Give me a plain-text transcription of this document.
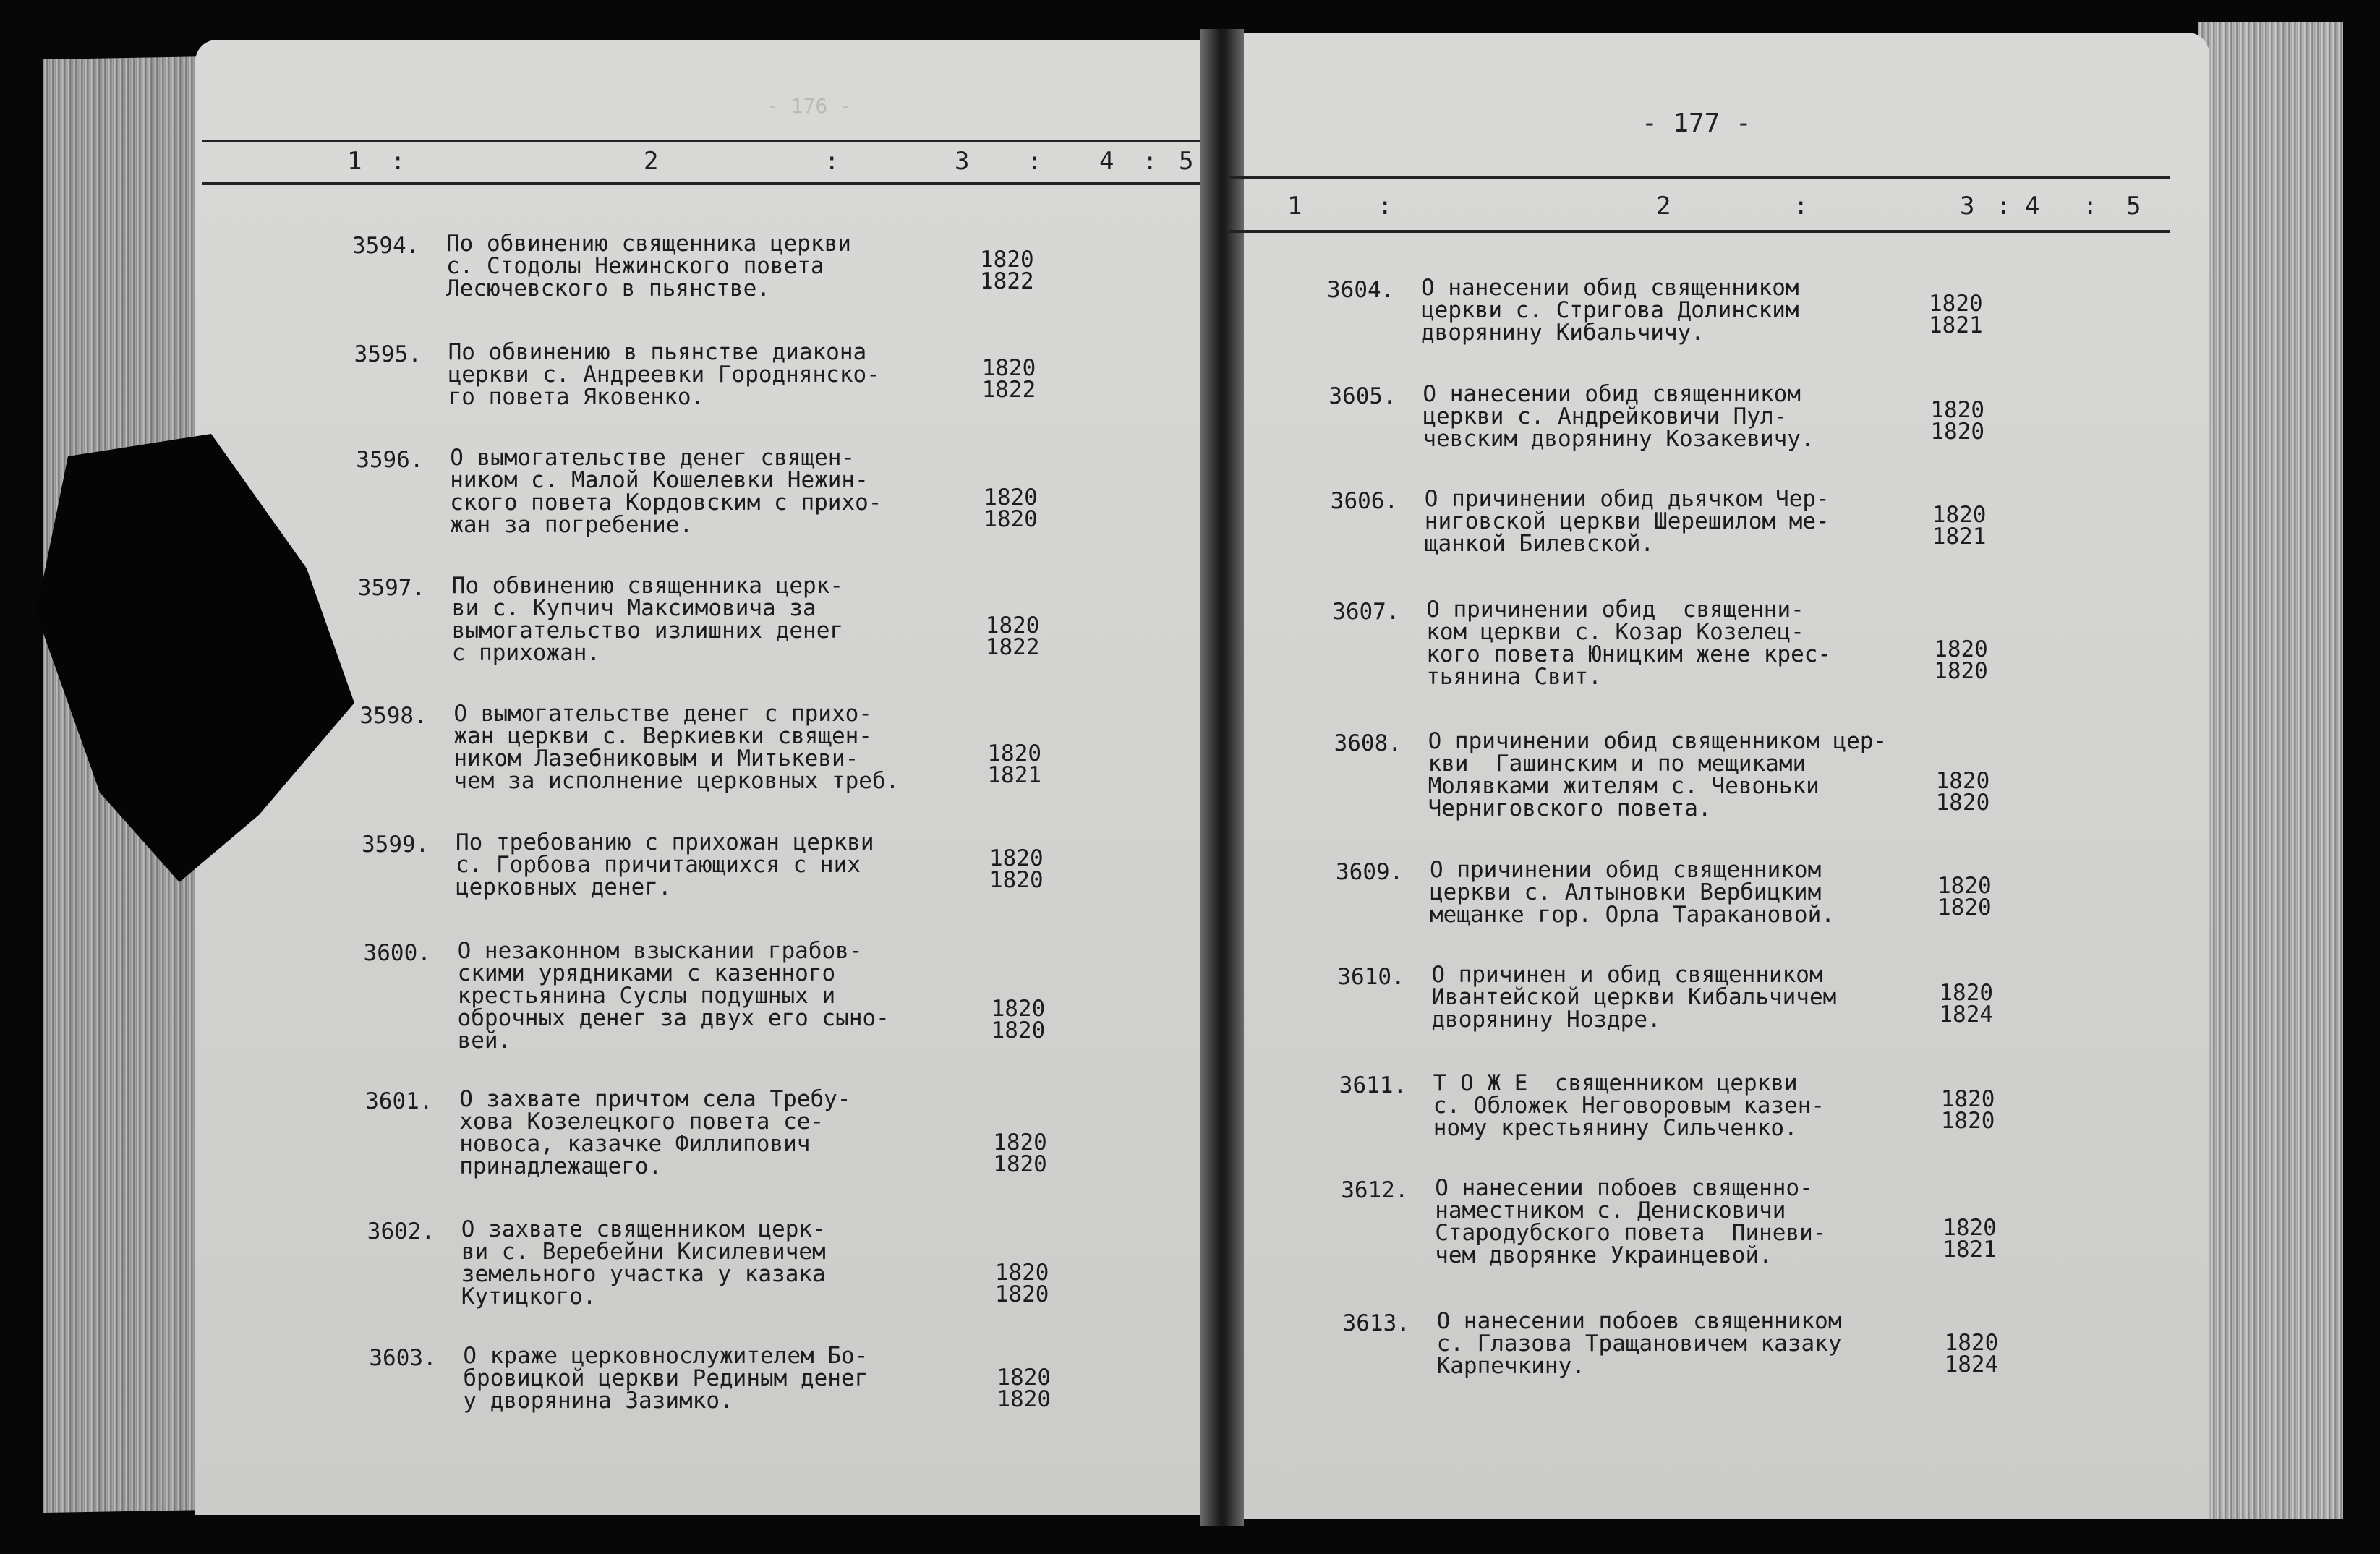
- 176 -
1	2	3	4	5
:	:	:	:
- 177 -
1	2	3 4	5
:	:	:	:
3594. По обвинению священника церкви
с. Стодолы Нежинского повета
Лесючевского в пьянстве.
1820
1822
3595. По обвинению в пьянстве диакона
церкви с. Андреевки Городнянско-
го повета Яковенко.
1820
1822
3596. О вымогательстве денег священ-
ником с. Малой Кошелевки Нежин-
ского повета Кордовским с прихо-
жан за погребение.
1820
1820
3597. По обвинению священника церк-
ви с. Купчич Максимовича за
вымогательство излишних денег
с прихожан.
1820
1822
3598. О вымогательстве денег с прихо-
жан церкви с. Веркиевки священ-
ником Лазебниковым и Митькеви-
чем за исполнение церковных треб.
1820
1821
3599. По требованию с прихожан церкви
с. Горбова причитающихся с них
церковных денег.
1820
1820
3600. О незаконном взыскании грабов-
скими урядниками с казенного
крестьянина Суслы подушных и
оброчных денег за двух его сыно-
вей.
1820
1820
3601. О захвате причтом села Требу-
хова Козелецкого повета се-
новоса, казачке Филлипович
принадлежащего.
1820
1820
3602. О захвате священником церк-
ви с. Веребейни Кисилевичем
земельного участка у казака
Кутицкого.
1820
1820
3603. О краже церковнослужителем Бо-
бровицкой церкви Рединым денег
у дворянина Зазимко.
1820
1820
3604. О нанесении обид священником
церкви с. Стригова Долинским
дворянину Кибальчичу.
1820
1821
3605. О нанесении обид священником
церкви с. Андрейковичи Пул-
чевским дворянину Козакевичу.
1820
1820
3606. О причинении обид дьячком Чер-
ниговской церкви Шерешилом ме-
щанкой Билевской.
1820
1821
3607. О причинении обид  священни-
ком церкви с. Козар Козелец-
кого повета Юницким жене крес-
тьянина Свит.
1820
1820
3608. О причинении обид священником цер-
кви  Гашинским и по мещиками
Молявками жителям с. Чевоньки
Черниговского повета.
1820
1820
3609. О причинении обид священником
церкви с. Алтыновки Вербицким
мещанке гор. Орла Таракановой.
1820
1820
3610. О причинен и обид священником
Ивантейской церкви Кибальчичем
дворянину Ноздре.
1820
1824
3611. Т О Ж Е  священником церкви
с. Обложек Неговоровым казен-
ному крестьянину Сильченко.
1820
1820
3612. О нанесении побоев священно-
наместником с. Денисковичи
Стародубского повета  Пиневи-
чем дворянке Украинцевой.
1820
1821
3613. О нанесении побоев священником
с. Глазова Тращановичем казаку
Карпечкину.
1820
1824
